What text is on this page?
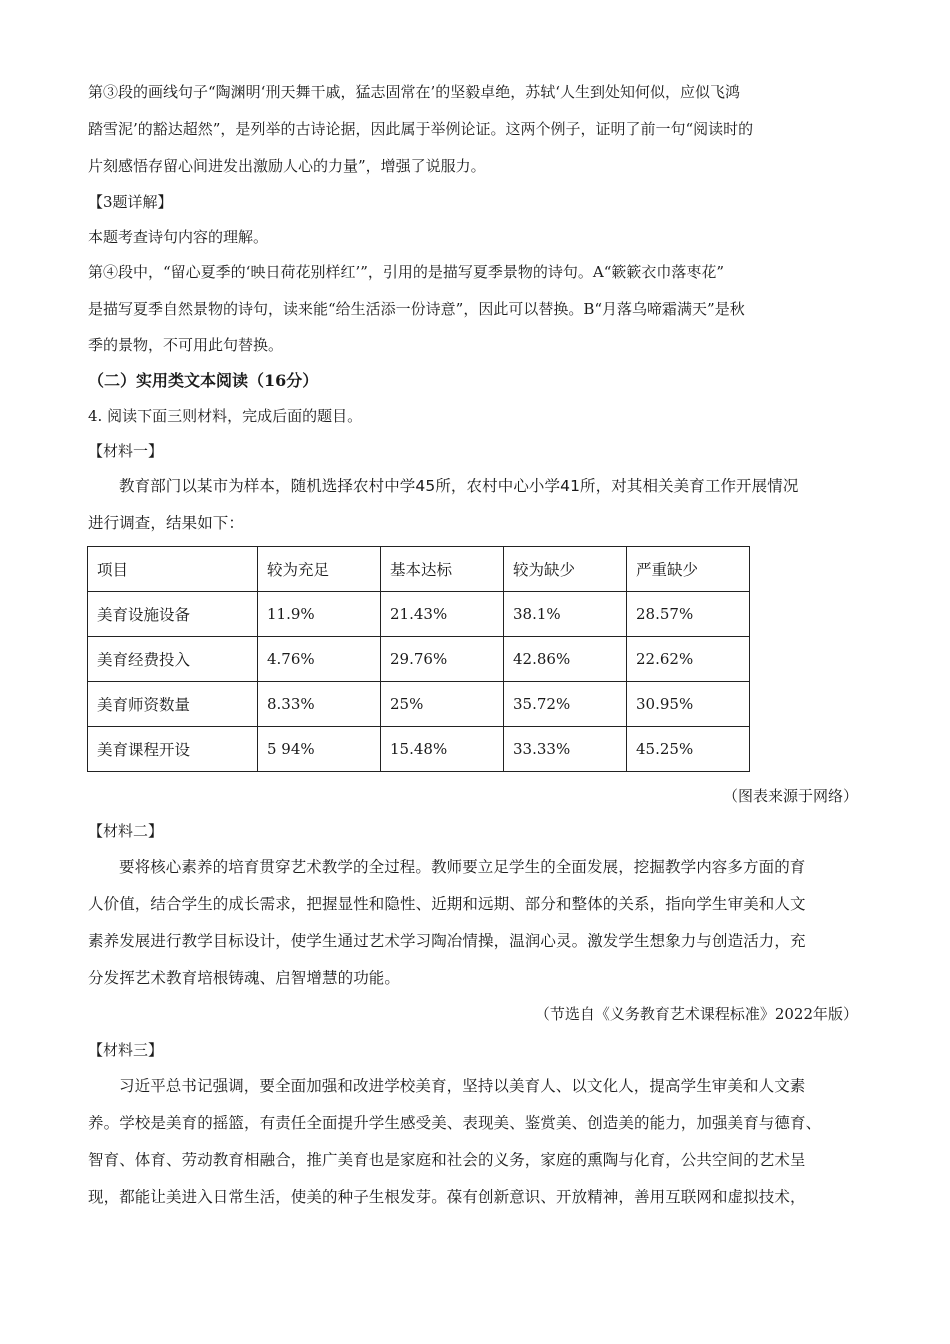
第③段的画线句子“陶渊明‘刑天舞干戚，猛志固常在’的坚毅卓绝，苏轼‘人生到处知何似，应似飞鸿

踏雪泥’的豁达超然”，是列举的古诗论据，因此属于举例论证。这两个例子，证明了前一句“阅读时的

片刻感悟存留心间进发出激励人心的力量”，增强了说服力。

【3题详解】

本题考查诗句内容的理解。

第④段中，“留心夏季的‘映日荷花别样红’”，引用的是描写夏季景物的诗句。A“簌簌衣巾落枣花”

是描写夏季自然景物的诗句，读来能“给生活添一份诗意”，因此可以替换。B“月落乌啼霜满天”是秋

季的景物，不可用此句替换。

（二）实用类文本阅读（16分）

4. 阅读下面三则材料，完成后面的题目。

【材料一】

教育部门以某市为样本，随机选择农村中学45所，农村中心小学41所，对其相关美育工作开展情况

进行调查，结果如下：

项目	较为充足	基本达标	较为缺少	严重缺少
美育设施设备	11.9%	21.43%	38.1%	28.57%
美育经费投入	4.76%	29.76%	42.86%	22.62%
美育师资数量	8.33%	25%	35.72%	30.95%
美育课程开设	5 94%	15.48%	33.33%	45.25%

（图表来源于网络）

【材料二】

要将核心素养的培育贯穿艺术教学的全过程。教师要立足学生的全面发展，挖掘教学内容多方面的育

人价值，结合学生的成长需求，把握显性和隐性、近期和远期、部分和整体的关系，指向学生审美和人文

素养发展进行教学目标设计，使学生通过艺术学习陶冶情操，温润心灵。激发学生想象力与创造活力，充

分发挥艺术教育培根铸魂、启智增慧的功能。

（节选自《义务教育艺术课程标准》2022年版）

【材料三】

习近平总书记强调，要全面加强和改进学校美育，坚持以美育人、以文化人，提高学生审美和人文素

养。学校是美育的摇篮，有责任全面提升学生感受美、表现美、鉴赏美、创造美的能力，加强美育与德育、

智育、体育、劳动教育相融合，推广美育也是家庭和社会的义务，家庭的熏陶与化育，公共空间的艺术呈

现，都能让美进入日常生活，使美的种子生根发芽。葆有创新意识、开放精神，善用互联网和虚拟技术，
